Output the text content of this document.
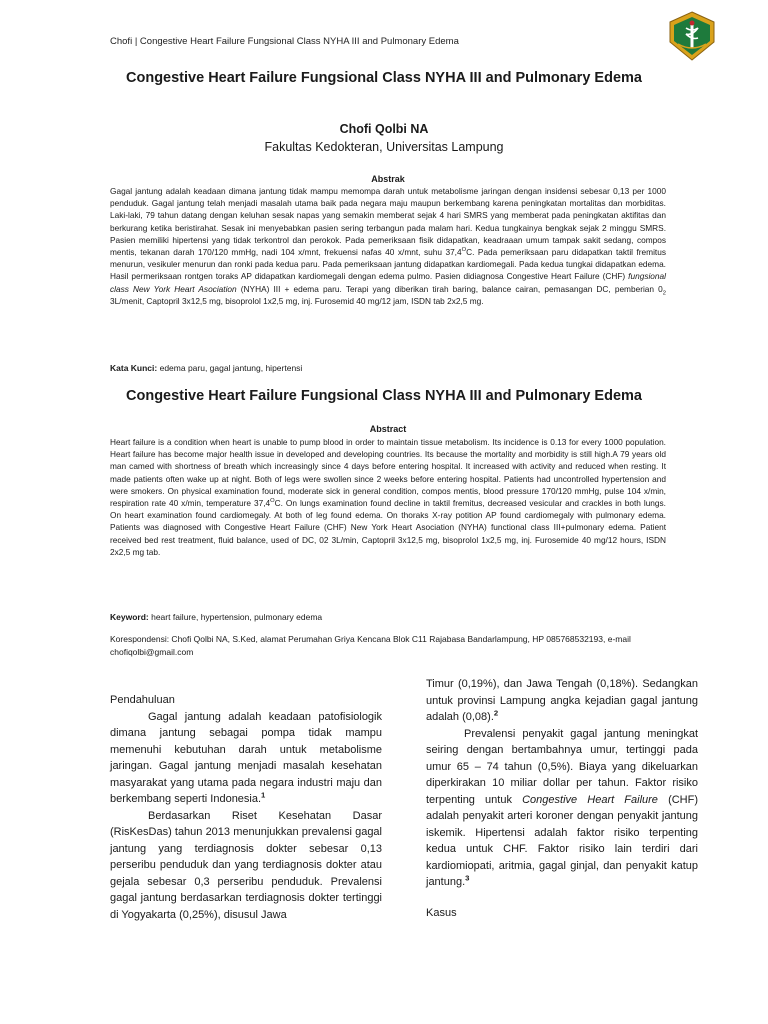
Chofi | Congestive Heart Failure Fungsional Class NYHA III and Pulmonary Edema
Congestive Heart Failure Fungsional Class NYHA III and Pulmonary Edema
Chofi Qolbi NA
Fakultas Kedokteran, Universitas Lampung
Abstrak

Gagal jantung adalah keadaan dimana jantung tidak mampu memompa darah untuk metabolisme jaringan dengan insidensi sebesar 0,13 per 1000 penduduk. Gagal jantung telah menjadi masalah utama baik pada negara maju maupun berkembang karena peningkatan mortalitas dan morbiditas. Laki-laki, 79 tahun datang dengan keluhan sesak napas yang semakin memberat sejak 4 hari SMRS yang memberat pada peningkatan aktifitas dan berkurang ketika beristirahat. Sesak ini menyebabkan pasien sering terbangun pada malam hari. Kedua tungkainya bengkak sejak 2 minggu SMRS. Pasien memiliki hipertensi yang tidak terkontrol dan perokok. Pada pemeriksaan fisik didapatkan, keadraaan umum tampak sakit sedang, compos mentis, tekanan darah 170/120 mmHg, nadi 104 x/mnt, frekuensi nafas 40 x/mnt, suhu $37,4^OC$. Pada pemeriksaan paru didapatkan taktil fremitus menurun, vesikuler menurun dan ronki pada kedua paru. Pada pemeriksaan jantung didapatkan kardiomegali. Pada kedua tungkai didapatkan edema. Hasil permeriksaan rontgen toraks AP didapatkan kardiomegali dengan edema pulmo. Pasien didiagnosa Congestive Heart Failure (CHF) fungsional class New York Heart Asociation (NYHA) III + edema paru. Terapi yang diberikan tirah baring, balance cairan, pemasangan DC, pemberian $0_2$ 3L/menit, Captopril 3x12,5 mg, bisoprolol 1x2,5 mg, inj. Furosemid 40 mg/12 jam, ISDN tab 2x2,5 mg.

Kata Kunci: edema paru, gagal jantung, hipertensi
Congestive Heart Failure Fungsional Class NYHA III and Pulmonary Edema
Abstract

Heart failure is a condition when heart is unable to pump blood in order to maintain tissue metabolism. Its incidence is 0.13 for every 1000 population. Heart failure has become major health issue in developed and developing countries. Its because the mortality and morbidity is still high.A 79 years old man camed with shortness of breath which increasingly since 4 days before entering hospital. It increased with activity and reduced when resting. It made patients often wake up at night. Both of legs were swollen since 2 weeks before entering hospital. Patients had uncontrolled hypertension and were smokers. On physical examination found, moderate sick in general condition, compos mentis, blood pressure 170/120 mmHg, pulse 104 x/min, respiration rate 40 x/min, temperature $37,4^OC$. On lungs examination found decline in taktil fremitus, decreased vesicular and crackles in both lungs. On heart examination found cardiomegaly. At both of leg found edema. On thoraks X-ray potition AP found cardiomegaly with pulmonary edema. Patients was diagnosed with Congestive Heart Failure (CHF) New York Heart Asociation (NYHA) functional class III+pulmonary edema. Patient received bed rest treatment, fluid balance, used of DC, 02 3L/min, Captopril 3x12,5 mg, bisoprolol 1x2,5 mg, inj. Furosemide 40 mg/12 hours, ISDN 2x2,5 mg tab.

Keyword: heart failure, hypertension, pulmonary edema
Korespondensi: Chofi Qolbi NA, S.Ked, alamat Perumahan Griya Kencana Blok C11 Rajabasa Bandarlampung, HP 085768532193, e-mail chofiqolbi@gmail.com

Pendahuluan

Gagal jantung adalah keadaan patofisiologik dimana jantung sebagai pompa tidak mampu memenuhi kebutuhan darah untuk metabolisme jaringan. Gagal jantung menjadi masalah kesehatan masyarakat yang utama pada negara industri maju dan berkembang seperti Indonesia.$^1$

Berdasarkan Riset Kesehatan Dasar (RisKesDas) tahun 2013 menunjukkan prevalensi gagal jantung yang terdiagnosis dokter sebesar 0,13 perseribu penduduk dan yang terdiagnosis dokter atau gejala sebesar 0,3 perseribu penduduk. Prevalensi gagal jantung berdasarkan terdiagnosis dokter tertinggi di Yogyakarta (0,25%), disusul Jawa

Timur (0,19%), dan Jawa Tengah (0,18%). Sedangkan untuk provinsi Lampung angka kejadian gagal jantung adalah (0,08).$^2$

Prevalensi penyakit gagal jantung meningkat seiring dengan bertambahnya umur, tertinggi pada umur 65 – 74 tahun (0,5%). Biaya yang dikeluarkan diperkirakan 10 miliar dollar per tahun. Faktor risiko terpenting untuk Congestive Heart Failure (CHF) adalah penyakit arteri koroner dengan penyakit jantung iskemik. Hipertensi adalah faktor risiko terpenting kedua untuk CHF. Faktor risiko lain terdiri dari kardiomiopati, aritmia, gagal ginjal, dan penyakit katup jantung.$^3$

Kasus
